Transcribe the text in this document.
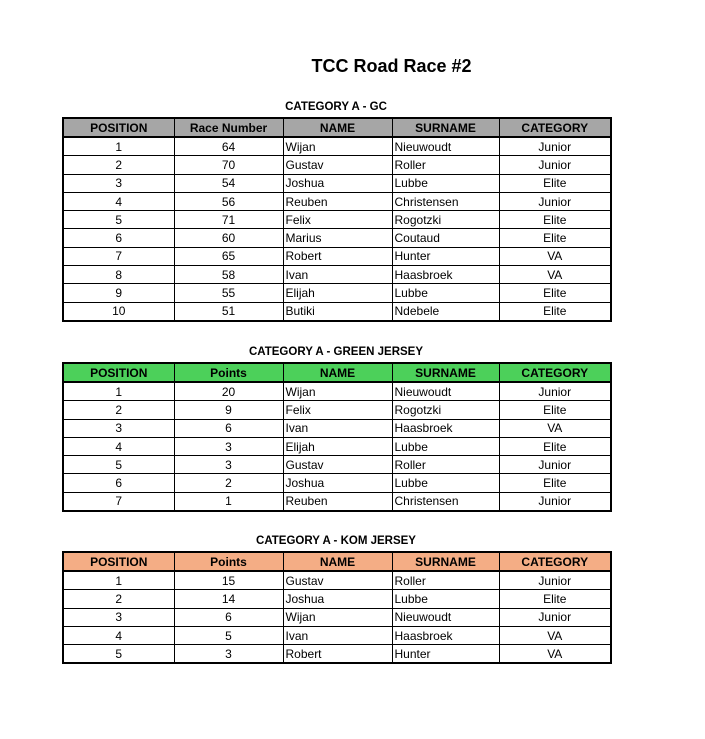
TCC Road Race #2
CATEGORY A - GC
POSITION	Race Number	NAME	SURNAME	CATEGORY
1	64	Wijan	Nieuwoudt	Junior
2	70	Gustav	Roller	Junior
3	54	Joshua	Lubbe	Elite
4	56	Reuben	Christensen	Junior
5	71	Felix	Rogotzki	Elite
6	60	Marius	Coutaud	Elite
7	65	Robert	Hunter	VA
8	58	Ivan	Haasbroek	VA
9	55	Elijah	Lubbe	Elite
10	51	Butiki	Ndebele	Elite
CATEGORY A - GREEN JERSEY
POSITION	Points	NAME	SURNAME	CATEGORY
1	20	Wijan	Nieuwoudt	Junior
2	9	Felix	Rogotzki	Elite
3	6	Ivan	Haasbroek	VA
4	3	Elijah	Lubbe	Elite
5	3	Gustav	Roller	Junior
6	2	Joshua	Lubbe	Elite
7	1	Reuben	Christensen	Junior
CATEGORY A - KOM JERSEY
POSITION	Points	NAME	SURNAME	CATEGORY
1	15	Gustav	Roller	Junior
2	14	Joshua	Lubbe	Elite
3	6	Wijan	Nieuwoudt	Junior
4	5	Ivan	Haasbroek	VA
5	3	Robert	Hunter	VA
